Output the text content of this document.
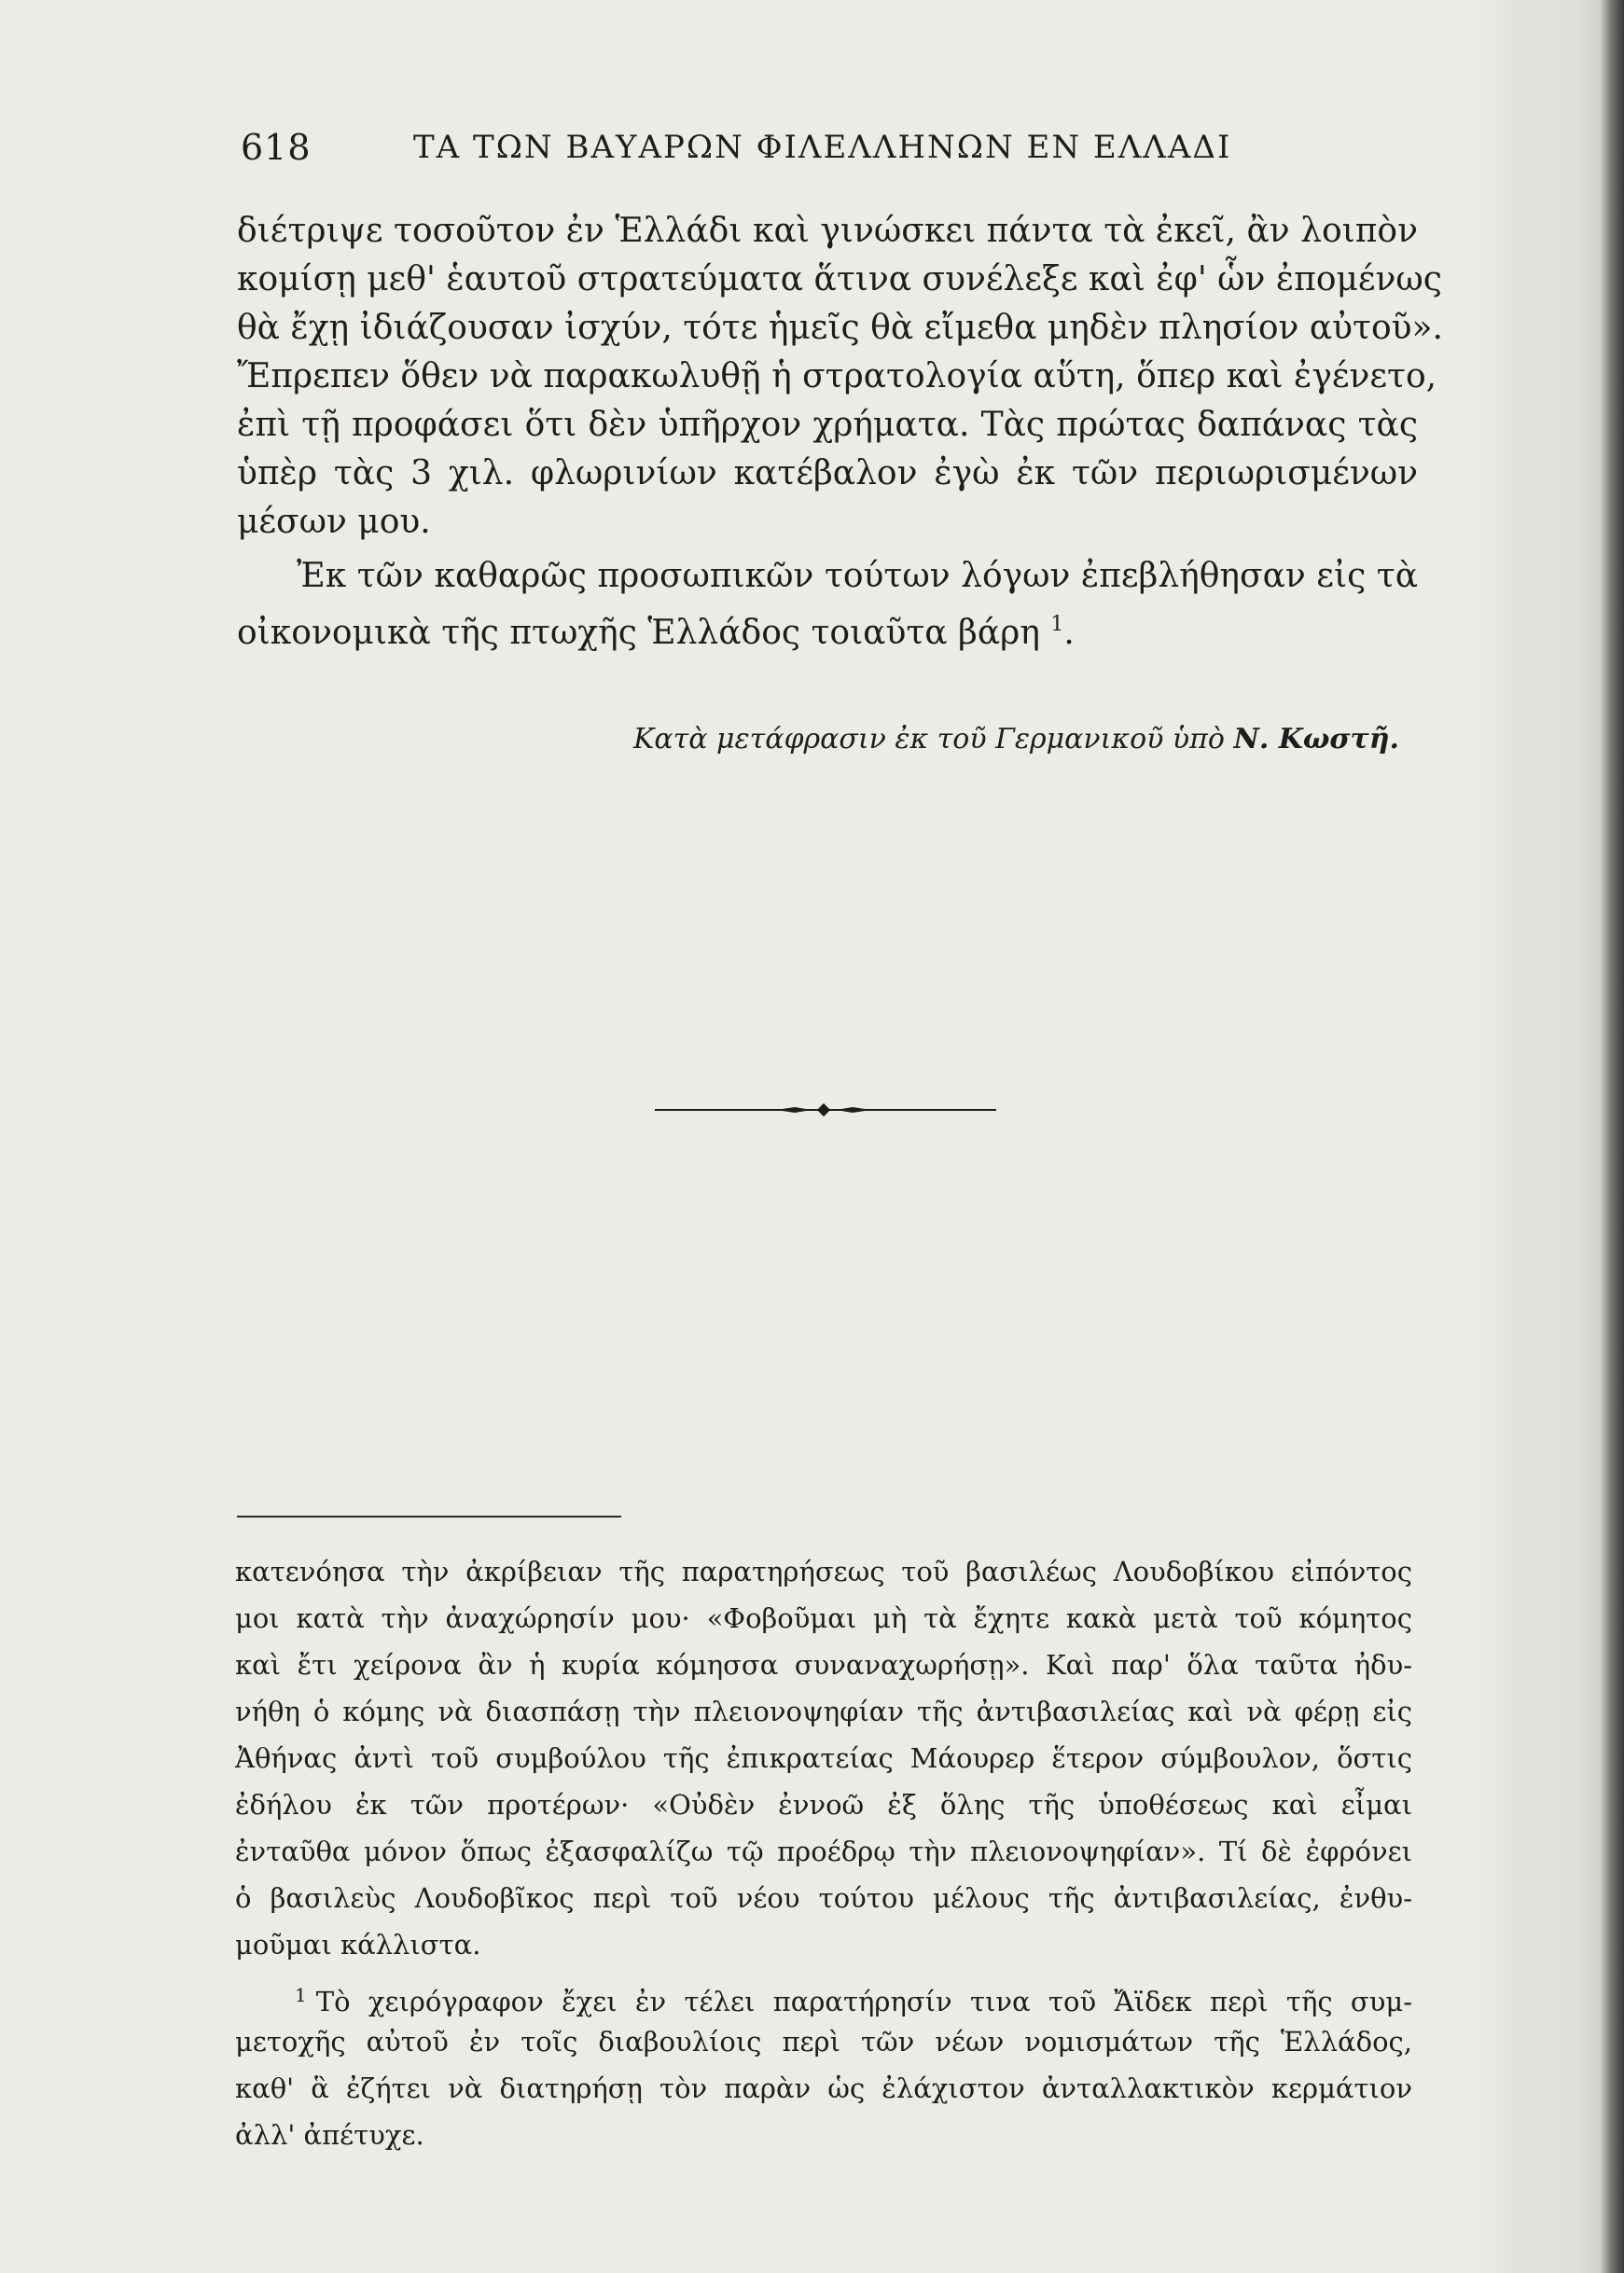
618	ΤΑ ΤΩΝ ΒΑΥΑΡΩΝ ΦΙΛΕΛΛΗΝΩΝ ΕΝ ΕΛΛΑΔΙ
διέτριψε τοσοῦτον ἐν Ἑλλάδι καὶ γινώσκει πάντα τὰ ἐκεῖ, ἂν λοιπὸν
κομίσῃ μεθ' ἑαυτοῦ στρατεύματα ἅτινα συνέλεξε καὶ ἐφ' ὧν ἐπομένως
θὰ ἔχῃ ἰδιάζουσαν ἰσχύν, τότε ἡμεῖς θὰ εἴμεθα μηδὲν πλησίον αὐτοῦ».
Ἔπρεπεν ὅθεν νὰ παρακωλυθῇ ἡ στρατολογία αὕτη, ὅπερ καὶ ἐγένετο,
ἐπὶ τῇ προφάσει ὅτι δὲν ὑπῆρχον χρήματα. Τὰς πρώτας δαπάνας τὰς
ὑπὲρ τὰς 3 χιλ. φλωρινίων κατέβαλον ἐγὼ ἐκ τῶν περιωρισμένων
μέσων μου.
Ἐκ τῶν καθαρῶς προσωπικῶν τούτων λόγων ἐπεβλήθησαν εἰς τὰ
οἰκονομικὰ τῆς πτωχῆς Ἑλλάδος τοιαῦτα βάρη $^1$.
Κατὰ μετάφρασιν ἐκ τοῦ Γερμανικοῦ ὑπὸ Ν. Κωστῆ.
κατενόησα τὴν ἀκρίβειαν τῆς παρατηρήσεως τοῦ βασιλέως Λουδοβίκου εἰπόντος
μοι κατὰ τὴν ἀναχώρησίν μου· «Φοβοῦμαι μὴ τὰ ἔχητε κακὰ μετὰ τοῦ κόμητος
καὶ ἔτι χείρονα ἂν ἡ κυρία κόμησσα συναναχωρήσῃ». Καὶ παρ' ὅλα ταῦτα ἠδυ-
νήθη ὁ κόμης νὰ διασπάσῃ τὴν πλειονοψηφίαν τῆς ἀντιβασιλείας καὶ νὰ φέρῃ εἰς
Ἀθήνας ἀντὶ τοῦ συμβούλου τῆς ἐπικρατείας Μάουρερ ἕτερον σύμβουλον, ὅστις
ἐδήλου ἐκ τῶν προτέρων· «Οὐδὲν ἐννοῶ ἐξ ὅλης τῆς ὑποθέσεως καὶ εἶμαι
ἐνταῦθα μόνον ὅπως ἐξασφαλίζω τῷ προέδρῳ τὴν πλειονοψηφίαν». Τί δὲ ἐφρόνει
ὁ βασιλεὺς Λουδοβῖκος περὶ τοῦ νέου τούτου μέλους τῆς ἀντιβασιλείας, ἐνθυ-
μοῦμαι κάλλιστα.
$^1$ Τὸ χειρόγραφον ἔχει ἐν τέλει παρατήρησίν τινα τοῦ Ἄϊδεκ περὶ τῆς συμ-
μετοχῆς αὐτοῦ ἐν τοῖς διαβουλίοις περὶ τῶν νέων νομισμάτων τῆς Ἑλλάδος,
καθ' ἃ ἐζήτει νὰ διατηρήσῃ τὸν παρὰν ὡς ἐλάχιστον ἀνταλλακτικὸν κερμάτιον
ἀλλ' ἀπέτυχε.
